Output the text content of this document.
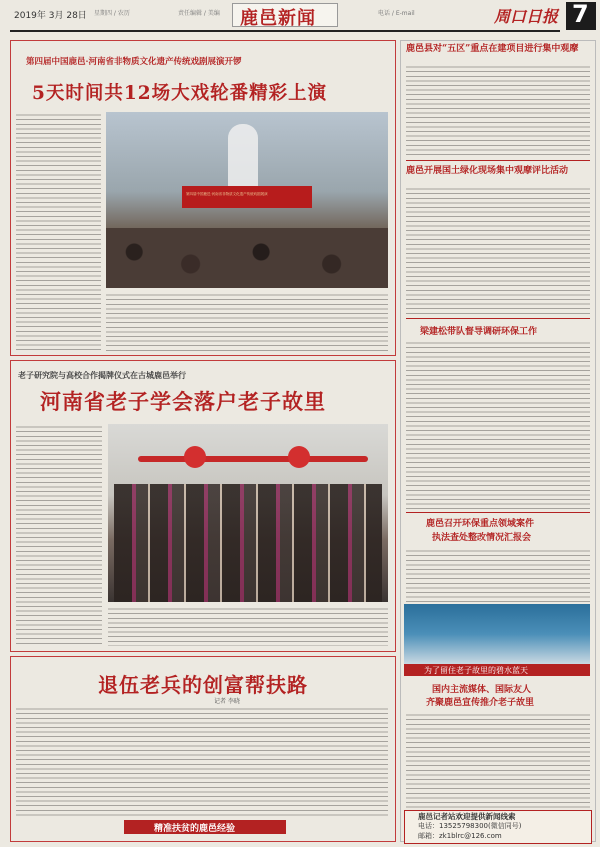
2019年 3月 28日 星期四 / 农历	责任编辑 / 美编 鹿邑新闻	电话 / E-mail	周口日报 7
第四届中国鹿邑·河南省非物质文化遗产传统戏剧展演开锣
5天时间共12场大戏轮番精彩上演
第四届中国鹿邑·河南省非物质文化遗产传统戏剧展演
老子研究院与高校合作揭牌仪式在古城鹿邑举行
河南省老子学会落户老子故里
退伍老兵的创富帮扶路
记者 李晓
精准扶贫的鹿邑经验
鹿邑县对“五区”重点在建项目进行集中观摩
鹿邑开展国土绿化现场集中观摩评比活动
梁建松带队督导调研环保工作
鹿邑召开环保重点领域案件
执法查处整改情况汇报会
为了留住老子故里的碧水蓝天
国内主流媒体、国际友人
齐聚鹿邑宣传推介老子故里
鹿邑记者站欢迎提供新闻线索
电话：13525798300(微信同号)
邮箱：zk1blrc@126.com
